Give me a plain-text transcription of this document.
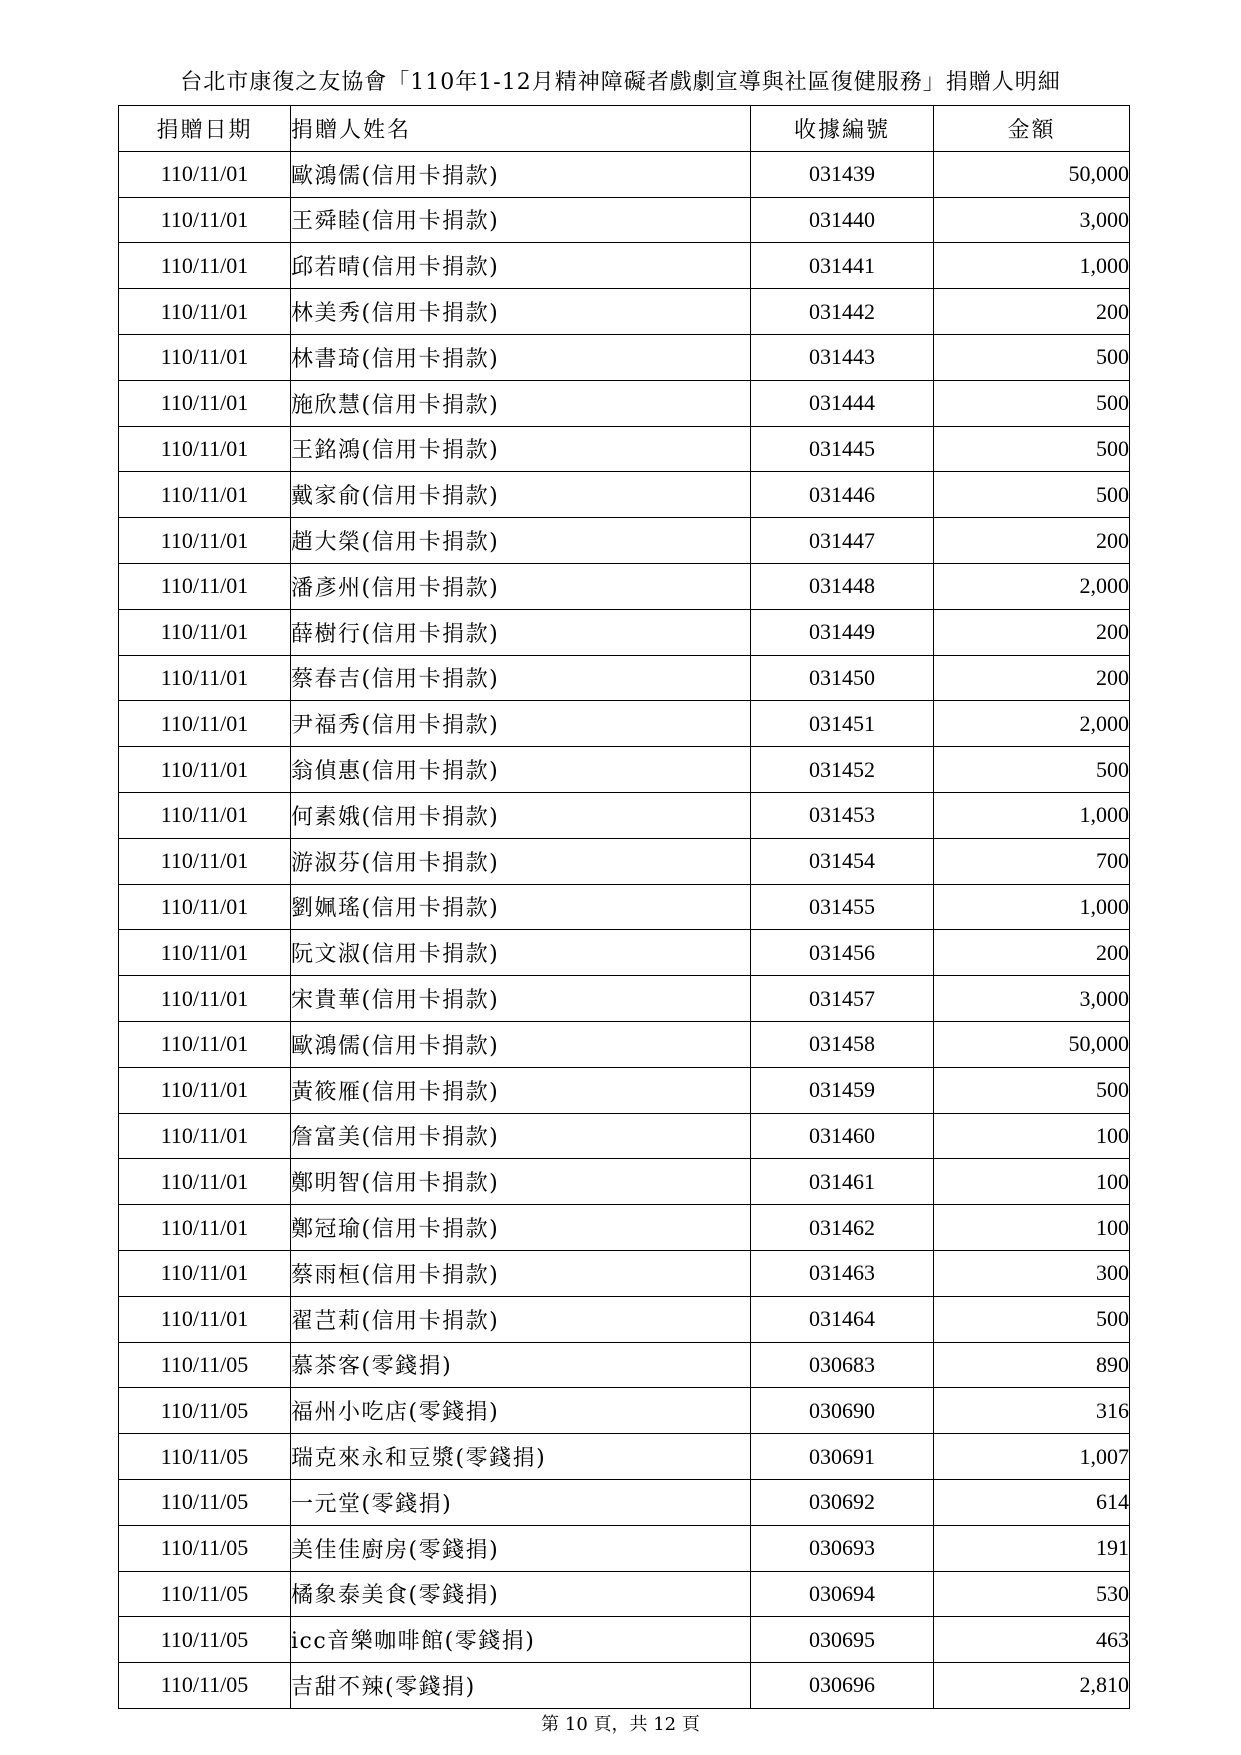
台北市康復之友協會「110年1-12月精神障礙者戲劇宣導與社區復健服務」捐贈人明細
捐贈日期	捐贈人姓名	收據編號	金額
110/11/01	歐鴻儒(信用卡捐款)	031439	50,000
110/11/01	王舜睦(信用卡捐款)	031440	3,000
110/11/01	邱若晴(信用卡捐款)	031441	1,000
110/11/01	林美秀(信用卡捐款)	031442	200
110/11/01	林書琦(信用卡捐款)	031443	500
110/11/01	施欣慧(信用卡捐款)	031444	500
110/11/01	王銘鴻(信用卡捐款)	031445	500
110/11/01	戴家俞(信用卡捐款)	031446	500
110/11/01	趙大榮(信用卡捐款)	031447	200
110/11/01	潘彥州(信用卡捐款)	031448	2,000
110/11/01	薛樹行(信用卡捐款)	031449	200
110/11/01	蔡春吉(信用卡捐款)	031450	200
110/11/01	尹福秀(信用卡捐款)	031451	2,000
110/11/01	翁偵惠(信用卡捐款)	031452	500
110/11/01	何素娥(信用卡捐款)	031453	1,000
110/11/01	游淑芬(信用卡捐款)	031454	700
110/11/01	劉姵瑤(信用卡捐款)	031455	1,000
110/11/01	阮文淑(信用卡捐款)	031456	200
110/11/01	宋貴華(信用卡捐款)	031457	3,000
110/11/01	歐鴻儒(信用卡捐款)	031458	50,000
110/11/01	黃筱雁(信用卡捐款)	031459	500
110/11/01	詹富美(信用卡捐款)	031460	100
110/11/01	鄭明智(信用卡捐款)	031461	100
110/11/01	鄭冠瑜(信用卡捐款)	031462	100
110/11/01	蔡雨桓(信用卡捐款)	031463	300
110/11/01	翟芑莉(信用卡捐款)	031464	500
110/11/05	慕茶客(零錢捐)	030683	890
110/11/05	福州小吃店(零錢捐)	030690	316
110/11/05	瑞克來永和豆漿(零錢捐)	030691	1,007
110/11/05	一元堂(零錢捐)	030692	614
110/11/05	美佳佳廚房(零錢捐)	030693	191
110/11/05	橘象泰美食(零錢捐)	030694	530
110/11/05	icc音樂咖啡館(零錢捐)	030695	463
110/11/05	吉甜不辣(零錢捐)	030696	2,810
第 10 頁，共 12 頁
